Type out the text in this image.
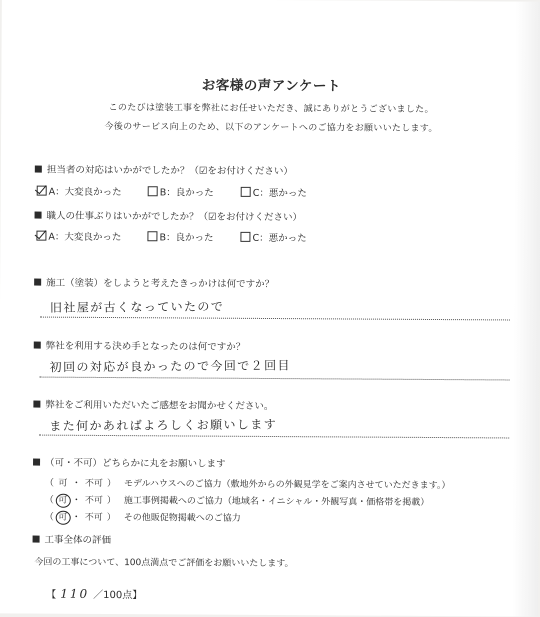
お客様の声アンケート
このたびは塗装工事を弊社にお任せいただき、誠にありがとうございました。
今後のサービス向上のため、以下のアンケートへのご協力をお願いいたします。
担当者の対応はいかがでしたか？（☑をお付けください）
A：大変良かった	B：良かった	C：悪かった
職人の仕事ぶりはいかがでしたか？（☑をお付けください）
A：大変良かった	B：良かった	C：悪かった
施工（塗装）をしようと考えたきっかけは何ですか？
旧社屋が古くなっていたので
弊社を利用する決め手となったのは何ですか？
初回の対応が良かったので今回で２回目
弊社をご利用いただいたご感想をお聞かせください。
また何かあればよろしくお願いします
（可・不可）どちらかに丸をお願いします
（ 可 ・ 不可 ） モデルハウスへのご協力（敷地外からの外観見学をご案内させていただきます。）
（ 可 ・ 不可 ） 施工事例掲載へのご協力（地域名・イニシャル・外観写真・価格帯を掲載）
（ 可 ・ 不可 ） その他販促物掲載へのご協力
工事全体の評価
今回の工事について、100点満点でご評価をお願いいたします。
【 110 ／100点】
